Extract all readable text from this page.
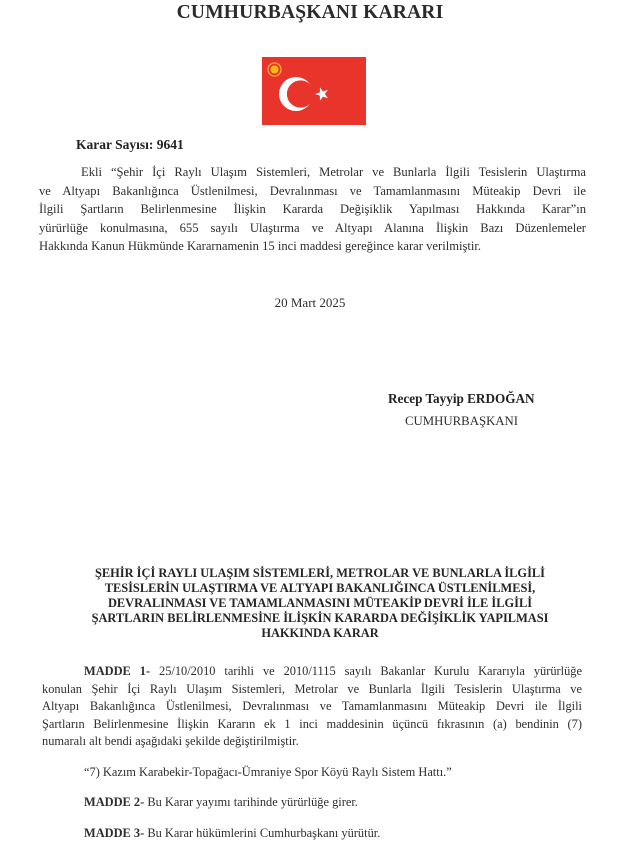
CUMHURBAŞKANI KARARI
Karar Sayısı: 9641
Ekli “Şehir İçi Raylı Ulaşım Sistemleri, Metrolar ve Bunlarla İlgili Tesislerin Ulaştırma
ve Altyapı Bakanlığınca Üstlenilmesi, Devralınması ve Tamamlanmasını Müteakip Devri ile
İlgili Şartların Belirlenmesine İlişkin Kararda Değişiklik Yapılması Hakkında Karar”ın
yürürlüğe konulmasına, 655 sayılı Ulaştırma ve Altyapı Alanına İlişkin Bazı Düzenlemeler
Hakkında Kanun Hükmünde Kararnamenin 15 inci maddesi gereğince karar verilmiştir.
20 Mart 2025
Recep Tayyip ERDOĞAN
CUMHURBAŞKANI
ŞEHİR İÇİ RAYLI ULAŞIM SİSTEMLERİ, METROLAR VE BUNLARLA İLGİLİ
TESİSLERİN ULAŞTIRMA VE ALTYAPI BAKANLIĞINCA ÜSTLENİLMESİ,
DEVRALINMASI VE TAMAMLANMASINI MÜTEAKİP DEVRİ İLE İLGİLİ
ŞARTLARIN BELİRLENMESİNE İLİŞKİN KARARDA DEĞİŞİKLİK YAPILMASI
HAKKINDA KARAR
MADDE 1- 25/10/2010 tarihli ve 2010/1115 sayılı Bakanlar Kurulu Kararıyla yürürlüğe
konulan Şehir İçi Raylı Ulaşım Sistemleri, Metrolar ve Bunlarla İlgili Tesislerin Ulaştırma ve
Altyapı Bakanlığınca Üstlenilmesi, Devralınması ve Tamamlanmasını Müteakip Devri ile İlgili
Şartların Belirlenmesine İlişkin Kararın ek 1 inci maddesinin üçüncü fıkrasının (a) bendinin (7)
numaralı alt bendi aşağıdaki şekilde değiştirilmiştir.
“7) Kazım Karabekir-Topağacı-Ümraniye Spor Köyü Raylı Sistem Hattı.”
MADDE 2- Bu Karar yayımı tarihinde yürürlüğe girer.
MADDE 3- Bu Karar hükümlerini Cumhurbaşkanı yürütür.
